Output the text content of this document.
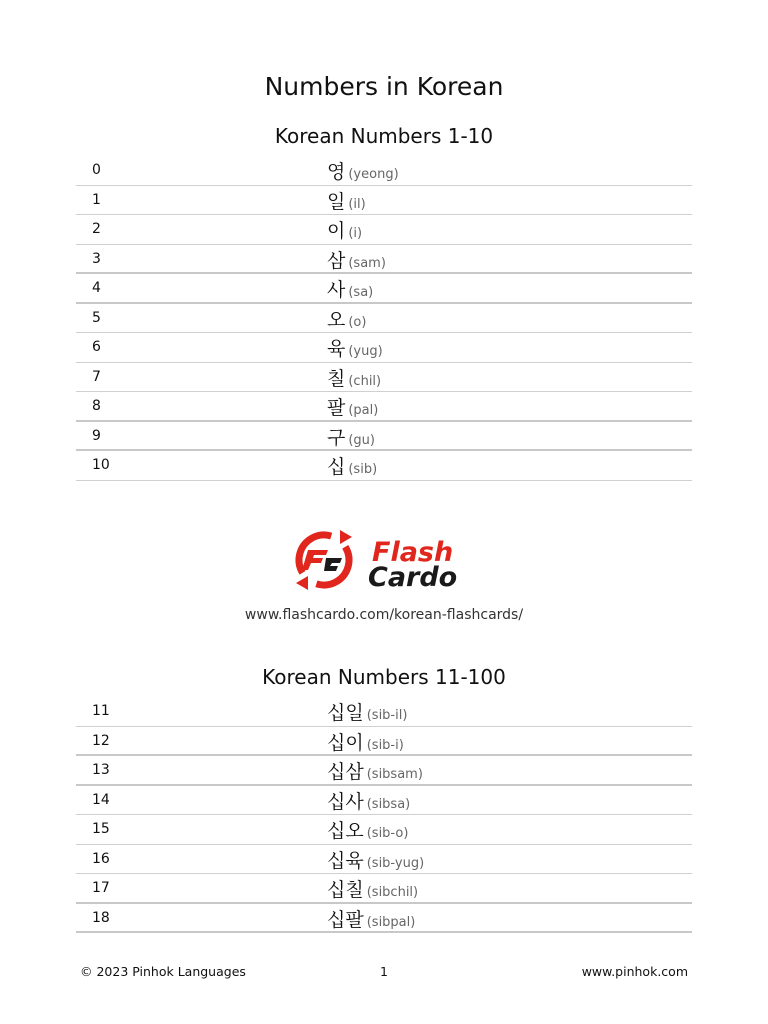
Numbers in Korean
Korean Numbers 1-10
0	영 (yeong)
1	일 (il)
2	이 (i)
3	삼 (sam)
4	사 (sa)
5	오 (o)
6	육 (yug)
7	칠 (chil)
8	팔 (pal)
9	구 (gu)
10	십 (sib)
Flash
Cardo
www.flashcardo.com/korean-flashcards/
Korean Numbers 11-100
11	십일 (sib-il)
12	십이 (sib-i)
13	십삼 (sibsam)
14	십사 (sibsa)
15	십오 (sib-o)
16	십육 (sib-yug)
17	십칠 (sibchil)
18	십팔 (sibpal)
© 2023 Pinhok Languages	1	www.pinhok.com
